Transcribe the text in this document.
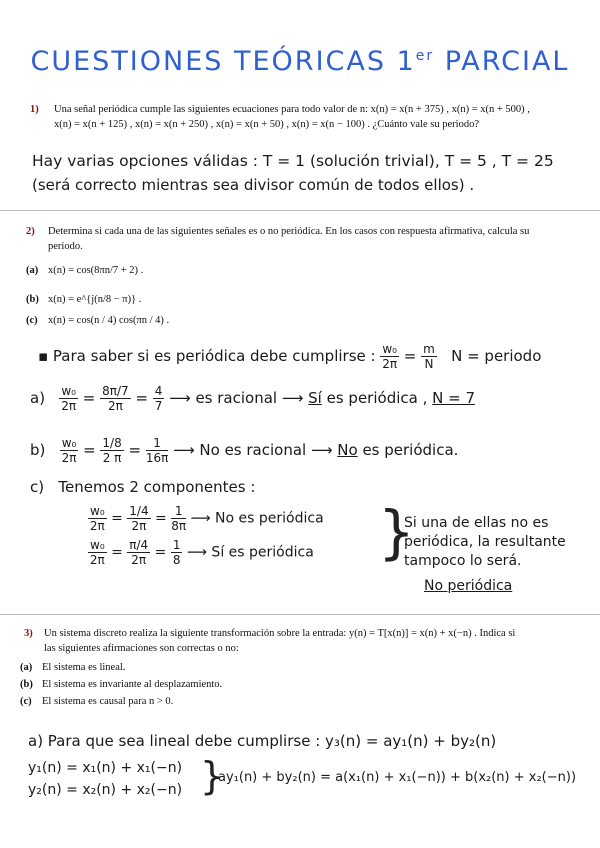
CUESTIONES TEÓRICAS 1er PARCIAL
1) Una señal periódica cumple las siguientes ecuaciones para todo valor de n: x(n) = x(n + 375) , x(n) = x(n + 500) ,
x(n) = x(n + 125) , x(n) = x(n + 250) , x(n) = x(n + 50) , x(n) = x(n − 100) . ¿Cuánto vale su periodo?
Hay varias opciones válidas : T = 1 (solución trivial), T = 5 , T = 25
(será correcto mientras sea divisor común de todos ellos) .
2) Determina si cada una de las siguientes señales es o no periódica. En los casos con respuesta afirmativa, calcula su
período.
(a) x(n) = cos(8πn/7 + 2) .
(b) x(n) = e^{j(n/8 − π)} .
(c) x(n) = cos(n / 4) cos(πn / 4) .
▪ Para saber si es periódica debe cumplirse : $\frac{\text{w₀}}{2\pi} = \frac{m}{N}$ N = periodo
$a) \frac{\text{w₀}}{2\pi} = \frac{8\pi/7}{2\pi} = \frac{4}{7}$ ⟶ es racional ⟶ Sí es periódica , N = 7
$b) \frac{\text{w₀}}{2\pi} = \frac{1/8}{2 \pi} = \frac{1}{16\pi}$ ⟶ No es racional ⟶ No es periódica.
c) Tenemos 2 componentes :
$\frac{\text{w₀}}{2\pi} = \frac{1/4}{2\pi} = \frac{1}{8\pi}$ ⟶ No es periódica
$\frac{\text{w₀}}{2\pi} = \frac{\pi/4}{2\pi} = \frac{1}{8}$ ⟶ Sí es periódica }
Si una de ellas no es
periódica, la resultante
tampoco lo será.
No periódica
3) Un sistema discreto realiza la siguiente transformación sobre la entrada: y(n) = T[x(n)] = x(n) + x(−n) . Indica si
las siguientes afirmaciones son correctas o no:
(a) El sistema es lineal.
(b) El sistema es invariante al desplazamiento.
(c) El sistema es causal para n > 0.
a) Para que sea lineal debe cumplirse : y₃(n) = ay₁(n) + by₂(n)
y₁(n) = x₁(n) + x₁(−n)
y₂(n) = x₂(n) + x₂(−n) }
ay₁(n) + by₂(n) = a(x₁(n) + x₁(−n)) + b(x₂(n) + x₂(−n))
